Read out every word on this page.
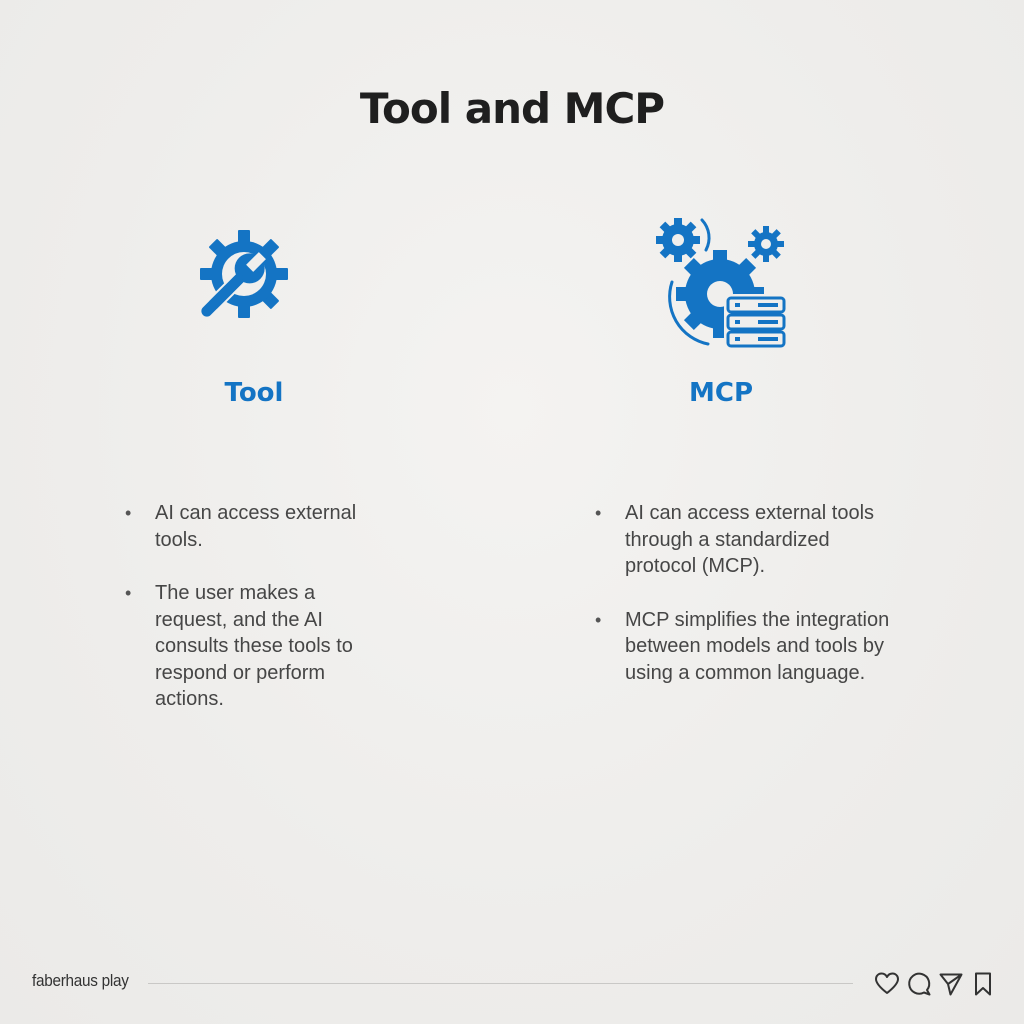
Tool and MCP
Tool	MCP
• AI can access external tools.
• The user makes a request, and the AI consults these tools to respond or perform actions.
• AI can access external tools through a standardized protocol (MCP).
• MCP simplifies the integration between models and tools by using a common language.
faberhaus play
